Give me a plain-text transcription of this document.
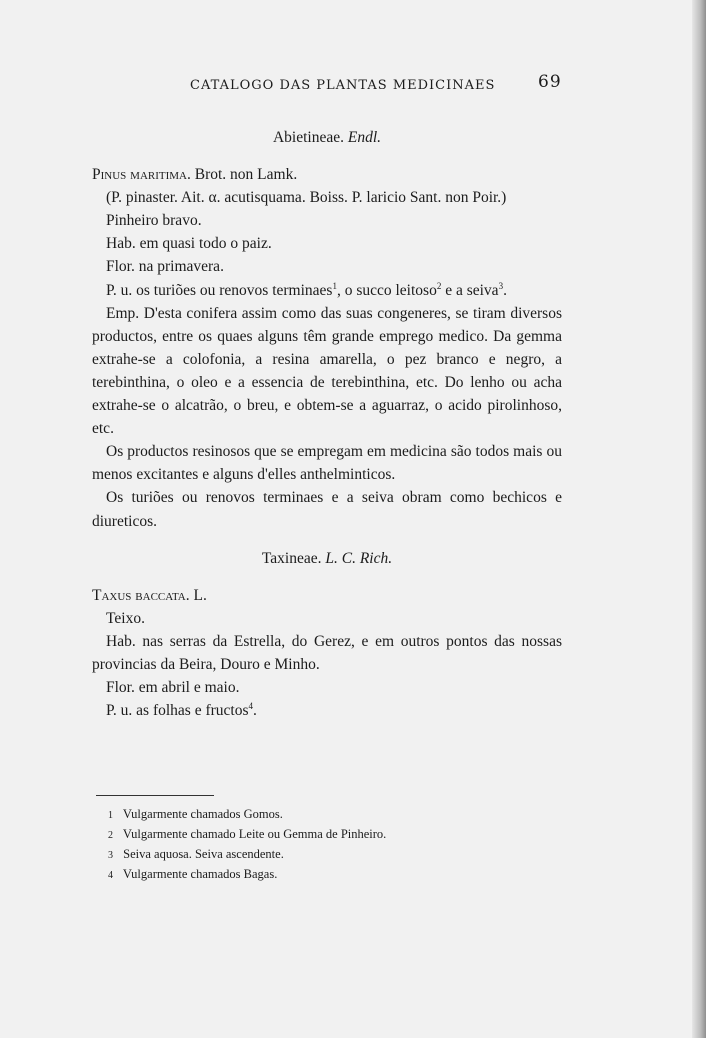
CATALOGO DAS PLANTAS MEDICINAES	69

Abietineae. Endl.

Pinus maritima. Brot. non Lamk.

(P. pinaster. Ait. α. acutisquama. Boiss. P. laricio Sant. non Poir.)

Pinheiro bravo.

Hab. em quasi todo o paiz.

Flor. na primavera.

P. u. os turiões ou renovos terminaes$^1$, o succo leitoso$^2$ e a seiva$^3$.

Emp. D'esta conifera assim como das suas congeneres, se tiram diversos productos, entre os quaes alguns têm grande emprego medico. Da gemma extrahe-se a colofonia, a resina amarella, o pez branco e negro, a terebinthina, o oleo e a essencia de terebinthina, etc. Do lenho ou acha extrahe-se o alcatrão, o breu, e obtem-se a aguarraz, o acido pirolinhoso, etc.

Os productos resinosos que se empregam em medicina são todos mais ou menos excitantes e alguns d'elles anthelminticos.

Os turiões ou renovos terminaes e a seiva obram como bechicos e diureticos.

Taxineae. L. C. Rich.

Taxus baccata. L.

Teixo.

Hab. nas serras da Estrella, do Gerez, e em outros pontos das nossas provincias da Beira, Douro e Minho.

Flor. em abril e maio.

P. u. as folhas e fructos$^4$.

1 Vulgarmente chamados Gomos.
2 Vulgarmente chamado Leite ou Gemma de Pinheiro.
3 Seiva aquosa. Seiva ascendente.
4 Vulgarmente chamados Bagas.
